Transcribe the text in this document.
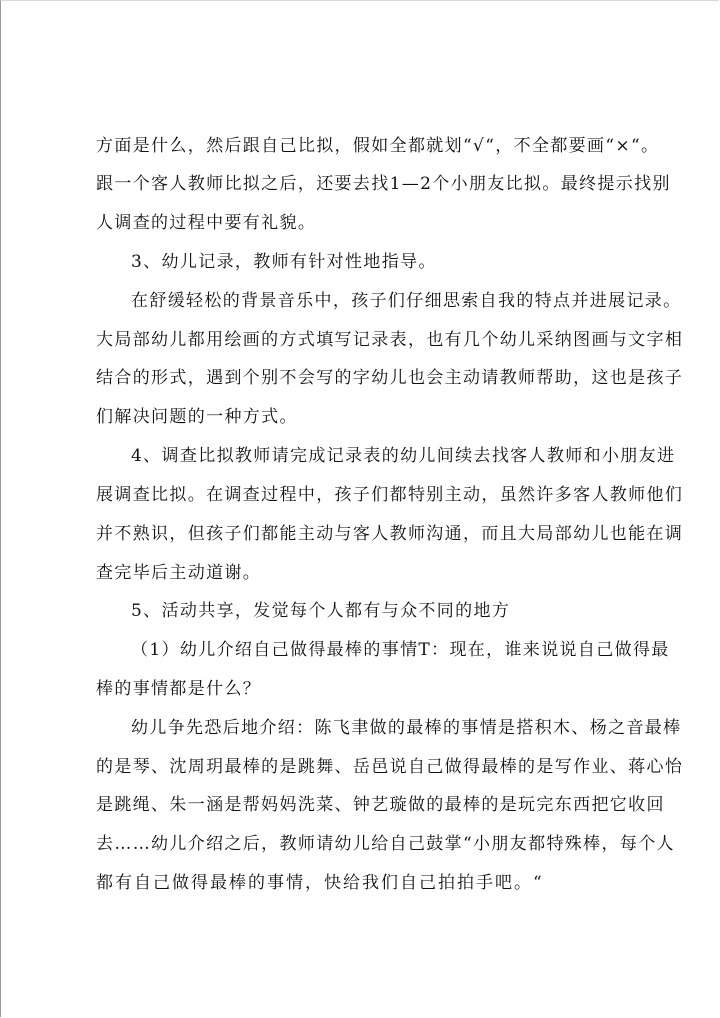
方面是什么，然后跟自己比拟，假如全都就划“√“，不全都要画“×“。
跟一个客人教师比拟之后，还要去找1—2个小朋友比拟。最终提示找别
人调查的过程中要有礼貌。
3、幼儿记录，教师有针对性地指导。
在舒缓轻松的背景音乐中，孩子们仔细思索自我的特点并进展记录。
大局部幼儿都用绘画的方式填写记录表，也有几个幼儿采纳图画与文字相
结合的形式，遇到个别不会写的字幼儿也会主动请教师帮助，这也是孩子
们解决问题的一种方式。
4、调查比拟教师请完成记录表的幼儿间续去找客人教师和小朋友进
展调查比拟。在调查过程中，孩子们都特别主动，虽然许多客人教师他们
并不熟识，但孩子们都能主动与客人教师沟通，而且大局部幼儿也能在调
查完毕后主动道谢。
5、活动共享，发觉每个人都有与众不同的地方
（1）幼儿介绍自己做得最棒的事情T：现在，谁来说说自己做得最
棒的事情都是什么？
幼儿争先恐后地介绍：陈飞聿做的最棒的事情是搭积木、杨之音最棒
的是琴、沈周玥最棒的是跳舞、岳邑说自己做得最棒的是写作业、蒋心怡
是跳绳、朱一涵是帮妈妈洗菜、钟艺璇做的最棒的是玩完东西把它收回
去……幼儿介绍之后，教师请幼儿给自己鼓掌“小朋友都特殊棒，每个人
都有自己做得最棒的事情，快给我们自己拍拍手吧。“
